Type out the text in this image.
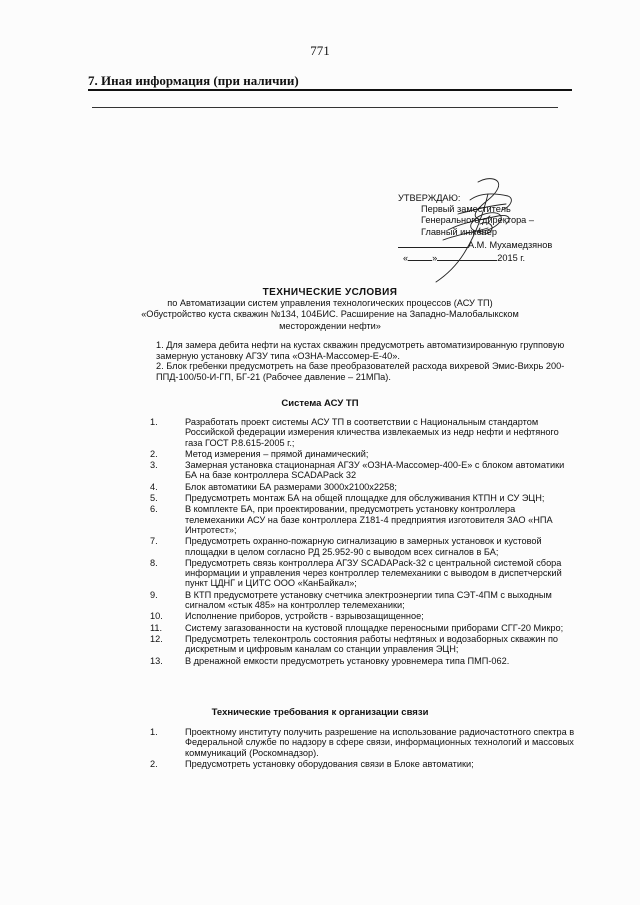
771
7. Иная информация (при наличии)
УТВЕРЖДАЮ:
Первый заместитель
Генерального директора –
Главный инженер
А.М. Мухамедзянов
«	»	2015 г.
ТЕХНИЧЕСКИЕ УСЛОВИЯ
по Автоматизации систем управления технологических процессов (АСУ ТП)
«Обустройство куста скважин №134, 104БИС. Расширение на Западно-Малобалыкском
месторождении нефти»

1. Для замера дебита нефти на кустах скважин предусмотреть автоматизированную групповую замерную установку АГЗУ типа «ОЗНА-Массомер-Е-40».

2. Блок гребенки предусмотреть на базе преобразователей расхода вихревой Эмис-Вихрь 200-ППД-100/50-И-ГП, БГ-21 (Рабочее давление – 21МПа).

Система АСУ ТП
1.	Разработать проект системы АСУ ТП в соответствии с Национальным стандартом Российской федерации измерения кличества извлекаемых из недр нефти и нефтяного газа ГОСТ Р.8.615-2005 г.;
2.	Метод измерения – прямой динамический;
3.	Замерная установка стационарная АГЗУ «ОЗНА-Массомер-400-Е» с блоком автоматики БА на базе контроллера SCADAPack 32
4.	Блок автоматики БА размерами 3000x2100x2258;
5.	Предусмотреть монтаж БА на общей площадке для обслуживания КТПН и СУ ЭЦН;
6.	В комплекте БА, при проектировании, предусмотреть установку контроллера телемеханики АСУ на базе контроллера Z181-4 предприятия изготовителя ЗАО «НПА Интротест»;
7.	Предусмотреть охранно-пожарную сигнализацию в замерных установок и кустовой площадки в целом согласно РД 25.952-90 с выводом всех сигналов в БА;
8.	Предусмотреть связь контроллера АГЗУ SCADAPack-32 с центральной системой сбора информации и управления через контроллер телемеханики с выводом в диспетчерский пункт ЦДНГ и ЦИТС ООО «КанБайкал»;
9.	В КТП предусмотрете установку счетчика электроэнергии типа СЭТ-4ПМ с выходным сигналом «стык 485» на контроллер телемеханики;
10. Исполнение приборов, устройств - взрывозащищенное;
11. Систему загазованности на кустовой площадке переносными приборами СГГ-20 Микро;
12. Предусмотреть телеконтроль состояния работы нефтяных и водозаборных скважин по дискретным и цифровым каналам со станции управления ЭЦН;
13. В дренажной емкости предусмотреть установку уровнемера типа ПМП-062.
Технические требования к организации связи
1.	Проектному институту получить разрешение на использование радиочастотного спектра в Федеральной службе по надзору в сфере связи, информационных технологий и массовых коммуникаций (Роскомнадзор).
2.	Предусмотреть установку оборудования связи в Блоке автоматики;
